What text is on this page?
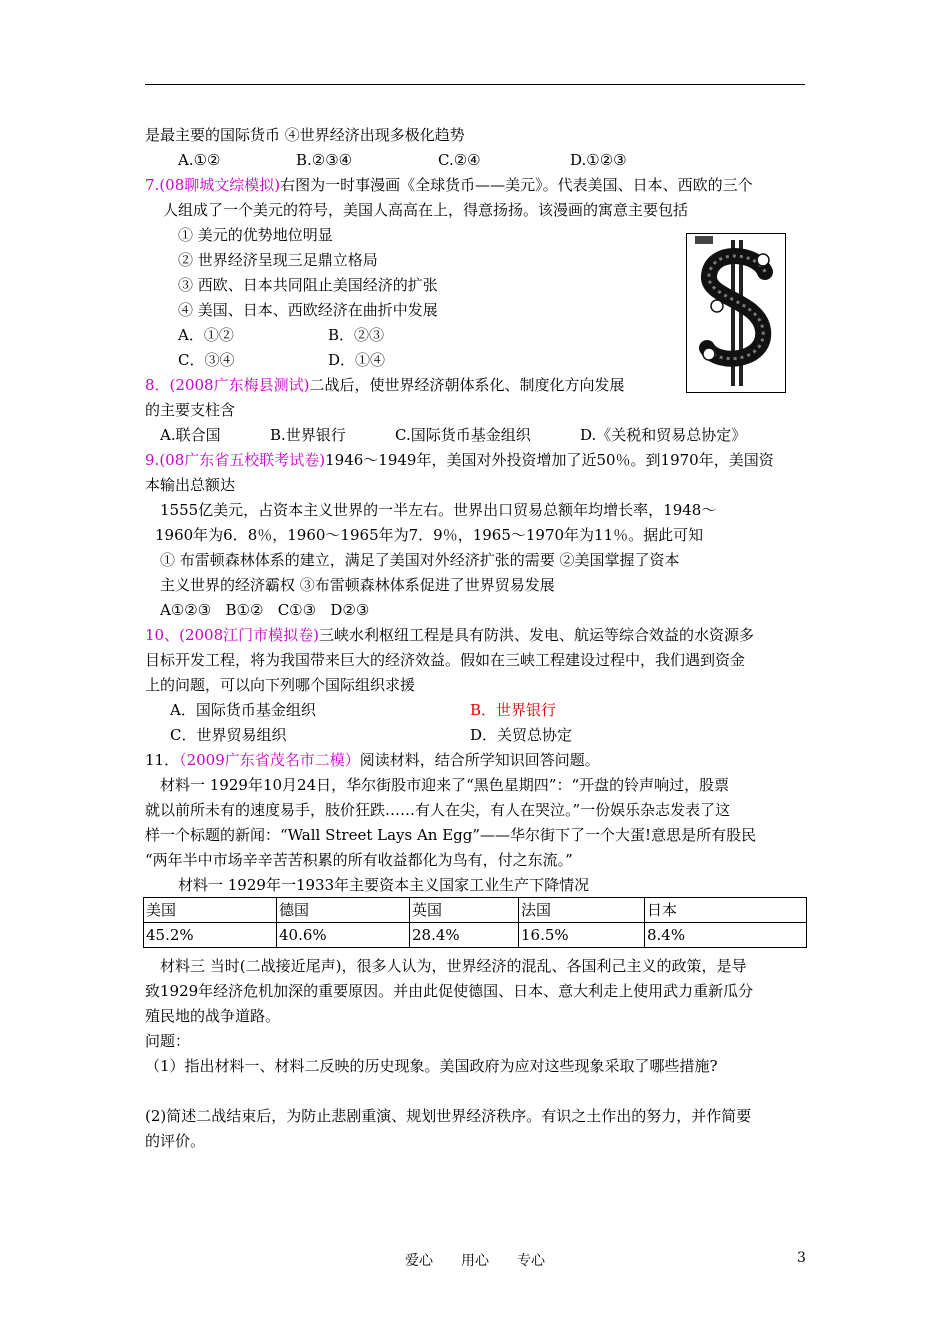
是最主要的国际货币 ④世界经济出现多极化趋势
A.①②	B.②③④	C.②④	D.①②③
7.(08聊城文综模拟)右图为一时事漫画《全球货币——美元》。代表美国、日本、西欧的三个
人组成了一个美元的符号，美国人高高在上，得意扬扬。该漫画的寓意主要包括
① 美元的优势地位明显
② 世界经济呈现三足鼎立格局
③ 西欧、日本共同阻止美国经济的扩张
④ 美国、日本、西欧经济在曲折中发展
A．①②	B．②③
C．③④	D．①④
8．(2008广东梅县测试)二战后，使世界经济朝体系化、制度化方向发展
的主要支柱含
A.联合国	B.世界银行	C.国际货币基金组织	D.《关税和贸易总协定》
9.(08广东省五校联考试卷)1946～1949年，美国对外投资增加了近50％。到1970年，美国资
本输出总额达
1555亿美元，占资本主义世界的一半左右。世界出口贸易总额年均增长率，1948～
1960年为6．8％，1960～1965年为7．9％，1965～1970年为11％。据此可知
① 布雷顿森林体系的建立，满足了美国对外经济扩张的需要 ②美国掌握了资本
主义世界的经济霸权 ③布雷顿森林体系促进了世界贸易发展
A①②③   B①②   C①③   D②③
10、(2008江门市模拟卷)三峡水利枢纽工程是具有防洪、发电、航运等综合效益的水资源多
目标开发工程，将为我国带来巨大的经济效益。假如在三峡工程建设过程中，我们遇到资金
上的问题，可以向下列哪个国际组织求援
A．国际货币基金组织	B．世界银行
C．世界贸易组织	D．关贸总协定
11．（2009广东省茂名市二模）阅读材料，结合所学知识回答问题。
材料一 1929年10月24日，华尔街股市迎来了“黑色星期四”：“开盘的铃声响过，股票
就以前所未有的速度易手，肢价狂跌……有人在尖，有人在哭泣。”一份娱乐杂志发表了这
样一个标题的新闻：“Wall Street Lays An Egg”——华尔街下了一个大蛋!意思是所有股民
“两年半中市场辛辛苦苦积累的所有收益都化为鸟有，付之东流。”
材料一 1929年一1933年主要资本主义国家工业生产下降情况
美国	德国	英国	法国	日本
45.2%	40.6%	28.4%	16.5%	8.4%
材料三 当时(二战接近尾声)，很多人认为，世界经济的混乱、各国利己主义的政策，是导
致1929年经济危机加深的重要原因。并由此促使德国、日本、意大利走上使用武力重新瓜分
殖民地的战争道路。
问题：
（1）指出材料一、材料二反映的历史现象。美国政府为应对这些现象采取了哪些措施?
(2)简述二战结束后，为防止悲剧重演、规划世界经济秩序。有识之土作出的努力，并作简要
的评价。
爱心　　用心　　专心	3
